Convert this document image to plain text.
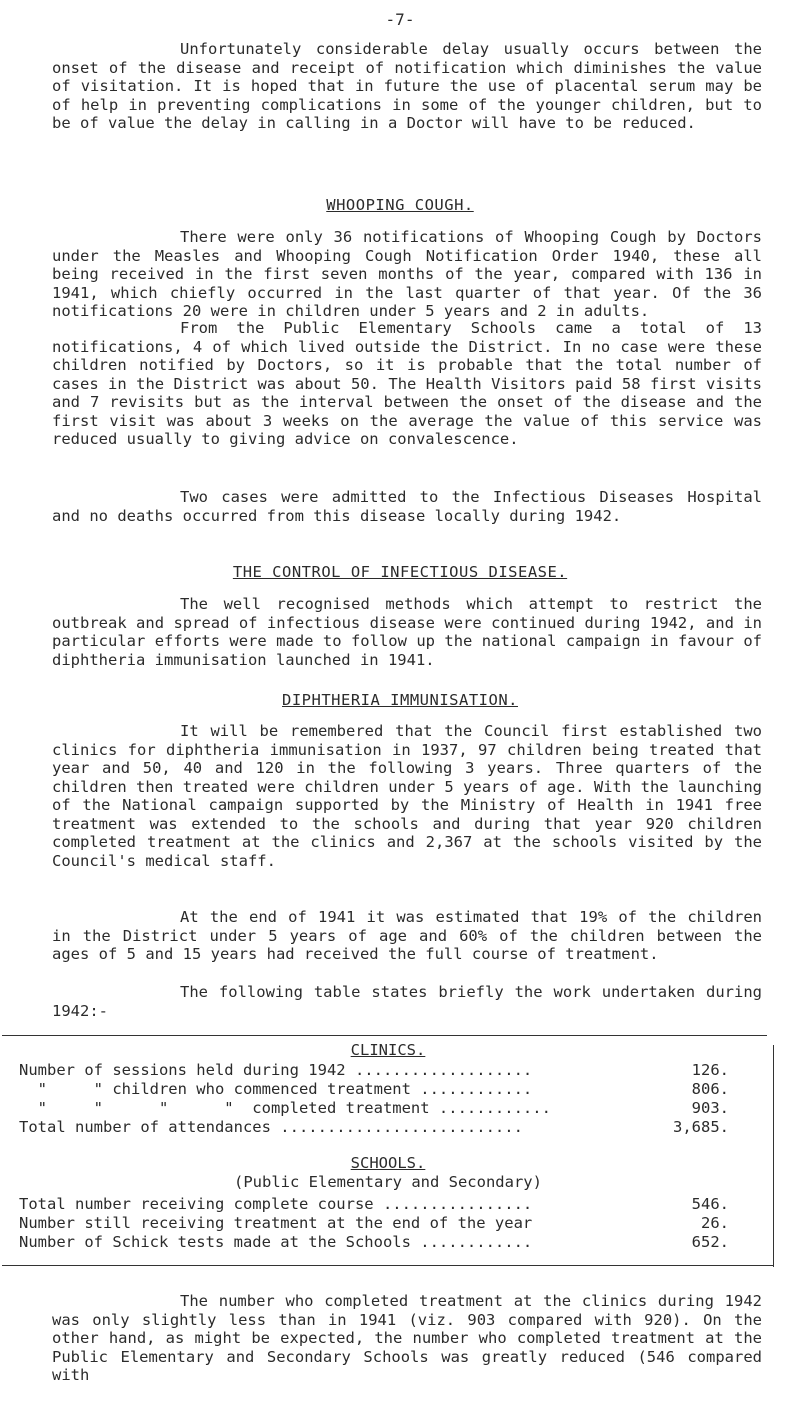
-7-

Unfortunately considerable delay usually occurs between the onset of the disease and receipt of notification which diminishes the value of visitation. It is hoped that in future the use of placental serum may be of help in preventing complications in some of the younger children, but to be of value the delay in calling in a Doctor will have to be reduced.

WHOOPING COUGH.

There were only 36 notifications of Whooping Cough by Doctors under the Measles and Whooping Cough Notification Order 1940, these all being received in the first seven months of the year, compared with 136 in 1941, which chiefly occurred in the last quarter of that year. Of the 36 notifications 20 were in children under 5 years and 2 in adults.

From the Public Elementary Schools came a total of 13 notifications, 4 of which lived outside the District. In no case were these children notified by Doctors, so it is probable that the total number of cases in the District was about 50. The Health Visitors paid 58 first visits and 7 revisits but as the interval between the onset of the disease and the first visit was about 3 weeks on the average the value of this service was reduced usually to giving advice on convalescence.

Two cases were admitted to the Infectious Diseases Hospital and no deaths occurred from this disease locally during 1942.

THE CONTROL OF INFECTIOUS DISEASE.

The well recognised methods which attempt to restrict the outbreak and spread of infectious disease were continued during 1942, and in particular efforts were made to follow up the national campaign in favour of diphtheria immunisation launched in 1941.

DIPHTHERIA IMMUNISATION.

It will be remembered that the Council first established two clinics for diphtheria immunisation in 1937, 97 children being treated that year and 50, 40 and 120 in the following 3 years. Three quarters of the children then treated were children under 5 years of age. With the launching of the National campaign supported by the Ministry of Health in 1941 free treatment was extended to the schools and during that year 920 children completed treatment at the clinics and 2,367 at the schools visited by the Council's medical staff.

At the end of 1941 it was estimated that 19% of the children in the District under 5 years of age and 60% of the children between the ages of 5 and 15 years had received the full course of treatment.

The following table states briefly the work undertaken during 1942:-

CLINICS.
Number of sessions held during 1942 ...................	126.
"     " children who commenced treatment ............	806.
"     "      "      "  completed treatment ............	903.
Total number of attendances ..........................	3,685.
SCHOOLS.
(Public Elementary and Secondary)
Total number receiving complete course ................	546.
Number still receiving treatment at the end of the year	26.
Number of Schick tests made at the Schools ............	652.

The number who completed treatment at the clinics during 1942 was only slightly less than in 1941 (viz. 903 compared with 920). On the other hand, as might be expected, the number who completed treatment at the Public Elementary and Secondary Schools was greatly reduced (546 compared with
